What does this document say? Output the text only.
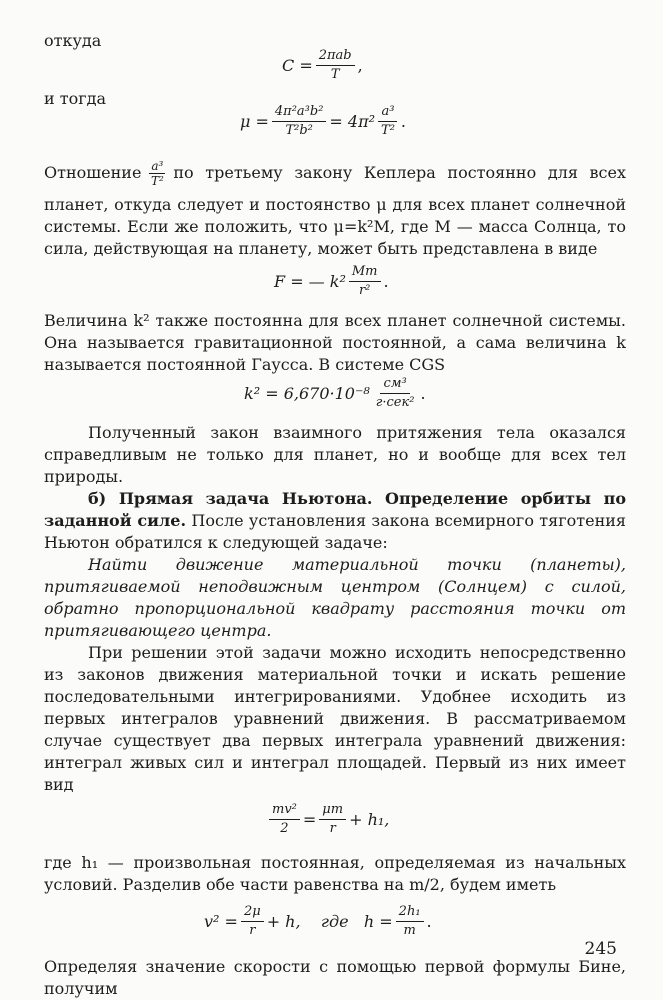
откуда

$C = \frac{\text{2πab}}{T}$ ,

и тогда

$\mu = \frac{\text{4π²a³b²}}{\text{T²b²}} = 4\pi^2 \frac{\text{a³}}{\text{T²}}$ .

Отношение $\frac{\text{a³}}{\text{T²}}$ по третьему закону Кеплера постоянно для всех

планет, откуда следует и постоянство μ для всех планет солнечной системы. Если же положить, что μ=k²M, где M — масса Солнца, то сила, действующая на планету, может быть представлена в виде

F = — $k^2 \frac{Mm}{\text{r²}}$ .

Величина k² также постоянна для всех планет солнечной системы. Она называется гравитационной постоянной, а сама величина k называется постоянной Гаусса. В системе CGS

$k^2 = 6,670\cdot 10^{-8} \frac{\text{см³}}{\text{г·сек²}}$ .

Полученный закон взаимного притяжения тела оказался справедливым не только для планет, но и вообще для всех тел природы.

б) Прямая задача Ньютона. Определение орбиты по заданной силе. После установления закона всемирного тяготения Ньютон обратился к следующей задаче:

Найти движение материальной точки (планеты), притягиваемой неподвижным центром (Солнцем) с силой, обратно пропорциональной квадрату расстояния точки от притягивающего центра.

При решении этой задачи можно исходить непосредственно из законов движения материальной точки и искать решение последовательными интегрированиями. Удобнее исходить из первых интегралов уравнений движения. В рассматриваемом случае существует два первых интеграла уравнений движения: интеграл живых сил и интеграл площадей. Первый из них имеет вид

$\frac{\text{mv²}}{2} = \frac{\mu m}{r} + h_1$,

где h₁ — произвольная постоянная, определяемая из начальных условий. Разделив обе части равенства на m/2, будем иметь

$v^2 = \frac{2\mu}{r} + h$,    где   $h = \frac{\text{2h₁}}{m}$ .

Определяя значение скорости с помощью первой формулы Бине, получим

245
